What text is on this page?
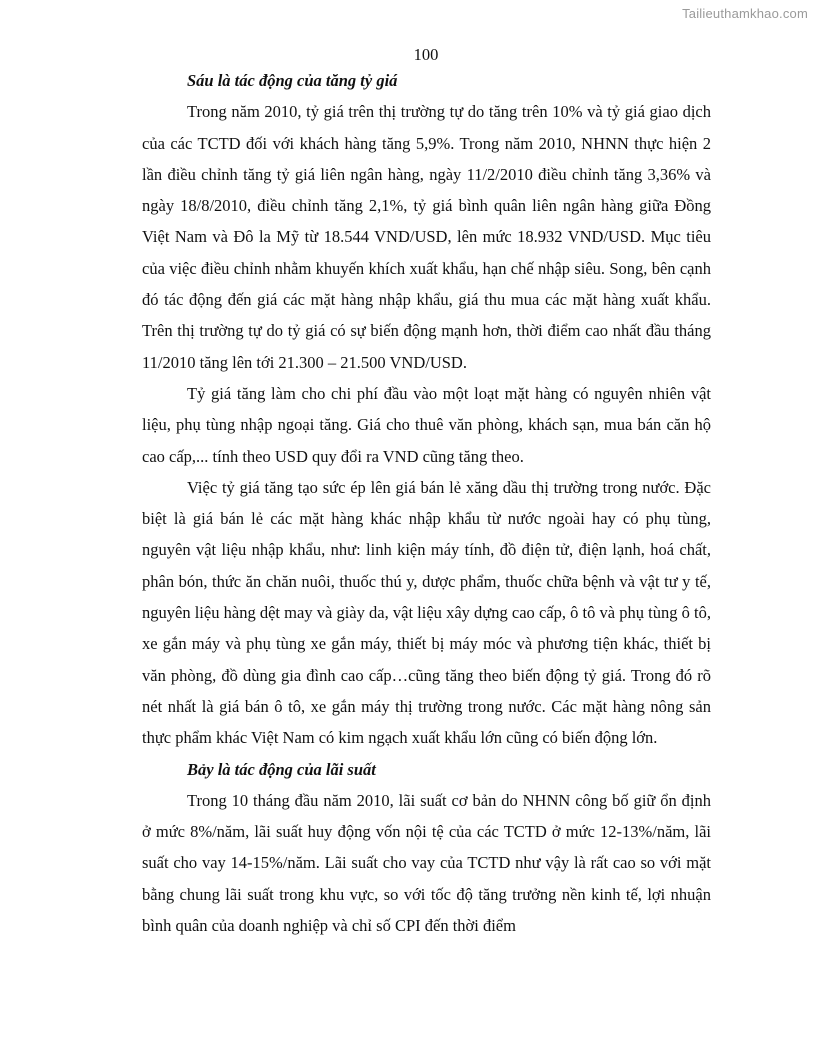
Tailieuthamkhao.com
100

Sáu là tác động của tăng tỷ giá

Trong năm 2010, tỷ giá trên thị trường tự do tăng trên 10% và tỷ giá giao dịch của các TCTD đối với khách hàng tăng 5,9%. Trong năm 2010, NHNN thực hiện 2 lần điều chỉnh tăng tỷ giá liên ngân hàng, ngày 11/2/2010 điều chỉnh tăng 3,36% và ngày 18/8/2010, điều chỉnh tăng 2,1%, tỷ giá bình quân liên ngân hàng giữa Đồng Việt Nam và Đô la Mỹ từ 18.544 VND/USD, lên mức 18.932 VND/USD. Mục tiêu của việc điều chỉnh nhằm khuyến khích xuất khẩu, hạn chế nhập siêu. Song, bên cạnh đó tác động đến giá các mặt hàng nhập khẩu, giá thu mua các mặt hàng xuất khẩu. Trên thị trường tự do tỷ giá có sự biến động mạnh hơn, thời điểm cao nhất đầu tháng 11/2010 tăng lên tới 21.300 – 21.500 VND/USD.

Tỷ giá tăng làm cho chi phí đầu vào một loạt mặt hàng có nguyên nhiên vật liệu, phụ tùng nhập ngoại tăng. Giá cho thuê văn phòng, khách sạn, mua bán căn hộ cao cấp,... tính theo USD quy đổi ra VND cũng tăng theo.

Việc tỷ giá tăng tạo sức ép lên giá bán lẻ xăng dầu thị trường trong nước. Đặc biệt là giá bán lẻ các mặt hàng khác nhập khẩu từ nước ngoài hay có phụ tùng, nguyên vật liệu nhập khẩu, như: linh kiện máy tính, đồ điện tử, điện lạnh, hoá chất, phân bón, thức ăn chăn nuôi, thuốc thú y, dược phẩm, thuốc chữa bệnh và vật tư y tế, nguyên liệu hàng dệt may và giày da, vật liệu xây dựng cao cấp, ô tô và phụ tùng ô tô, xe gắn máy và phụ tùng xe gắn máy, thiết bị máy móc và phương tiện khác, thiết bị văn phòng, đồ dùng gia đình cao cấp…cũng tăng theo biến động tỷ giá. Trong đó rõ nét nhất là giá bán ô tô, xe gắn máy thị trường trong nước. Các mặt hàng nông sản thực phẩm khác Việt Nam có kim ngạch xuất khẩu lớn cũng có biến động lớn.

Bảy là tác động của lãi suất

Trong 10 tháng đầu năm 2010, lãi suất cơ bản do NHNN công bố giữ ổn định ở mức 8%/năm, lãi suất huy động vốn nội tệ của các TCTD ở mức 12-13%/năm, lãi suất cho vay 14-15%/năm. Lãi suất cho vay của TCTD như vậy là rất cao so với mặt bằng chung lãi suất trong khu vực, so với tốc độ tăng trưởng nền kinh tế, lợi nhuận bình quân của doanh nghiệp và chỉ số CPI đến thời điểm
